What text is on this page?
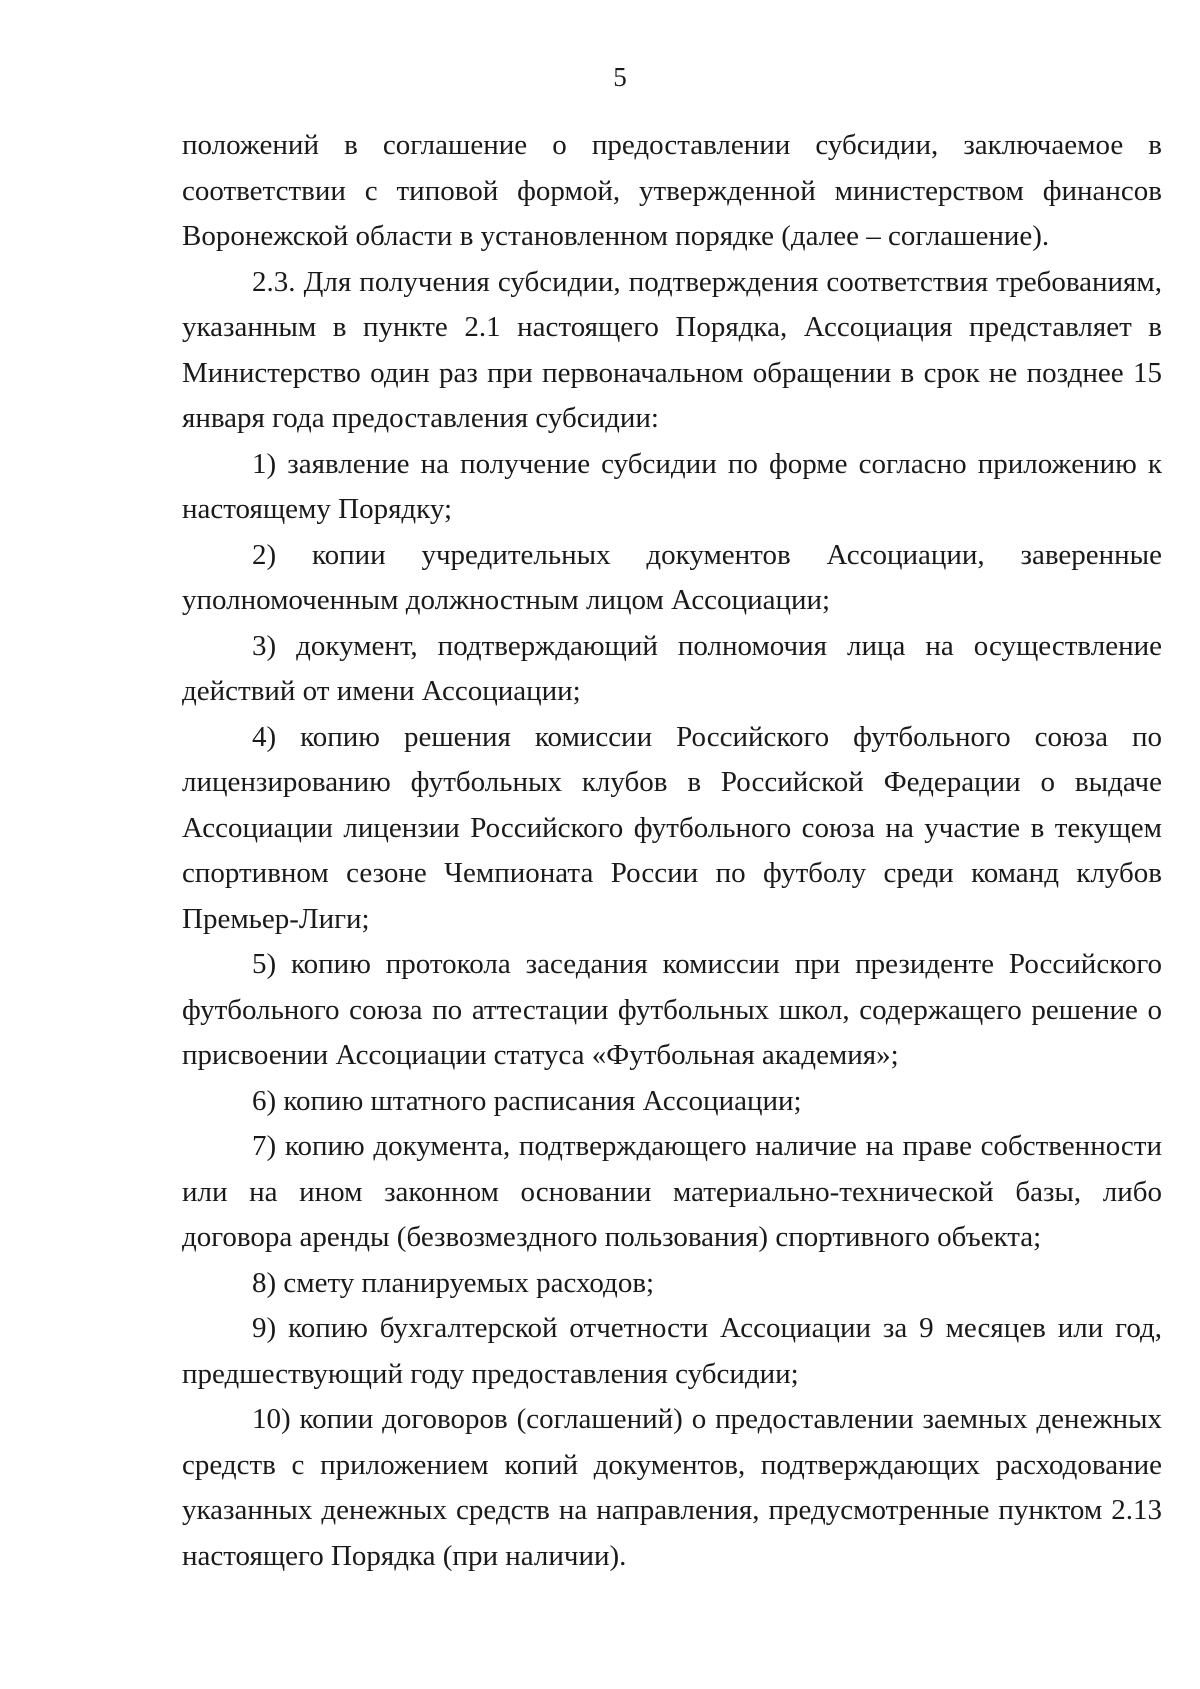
5

положений в соглашение о предоставлении субсидии, заключаемое в соответствии с типовой формой, утвержденной министерством финансов Воронежской области в установленном порядке (далее – соглашение).

2.3. Для получения субсидии, подтверждения соответствия требованиям, указанным в пункте 2.1 настоящего Порядка, Ассоциация представляет в Министерство один раз при первоначальном обращении в срок не позднее 15 января года предоставления субсидии:

1) заявление на получение субсидии по форме согласно приложению к настоящему Порядку;

2) копии учредительных документов Ассоциации, заверенные уполномоченным должностным лицом Ассоциации;

3) документ, подтверждающий полномочия лица на осуществление действий от имени Ассоциации;

4) копию решения комиссии Российского футбольного союза по лицензированию футбольных клубов в Российской Федерации о выдаче Ассоциации лицензии Российского футбольного союза на участие в текущем спортивном сезоне Чемпионата России по футболу среди команд клубов Премьер-Лиги;

5) копию протокола заседания комиссии при президенте Российского футбольного союза по аттестации футбольных школ, содержащего решение о присвоении Ассоциации статуса «Футбольная академия»;

6) копию штатного расписания Ассоциации;

7) копию документа, подтверждающего наличие на праве собственности или на ином законном основании материально-технической базы, либо договора аренды (безвозмездного пользования) спортивного объекта;

8) смету планируемых расходов;

9) копию бухгалтерской отчетности Ассоциации за 9 месяцев или год, предшествующий году предоставления субсидии;

10) копии договоров (соглашений) о предоставлении заемных денежных средств с приложением копий документов, подтверждающих расходование указанных денежных средств на направления, предусмотренные пунктом 2.13 настоящего Порядка (при наличии).
